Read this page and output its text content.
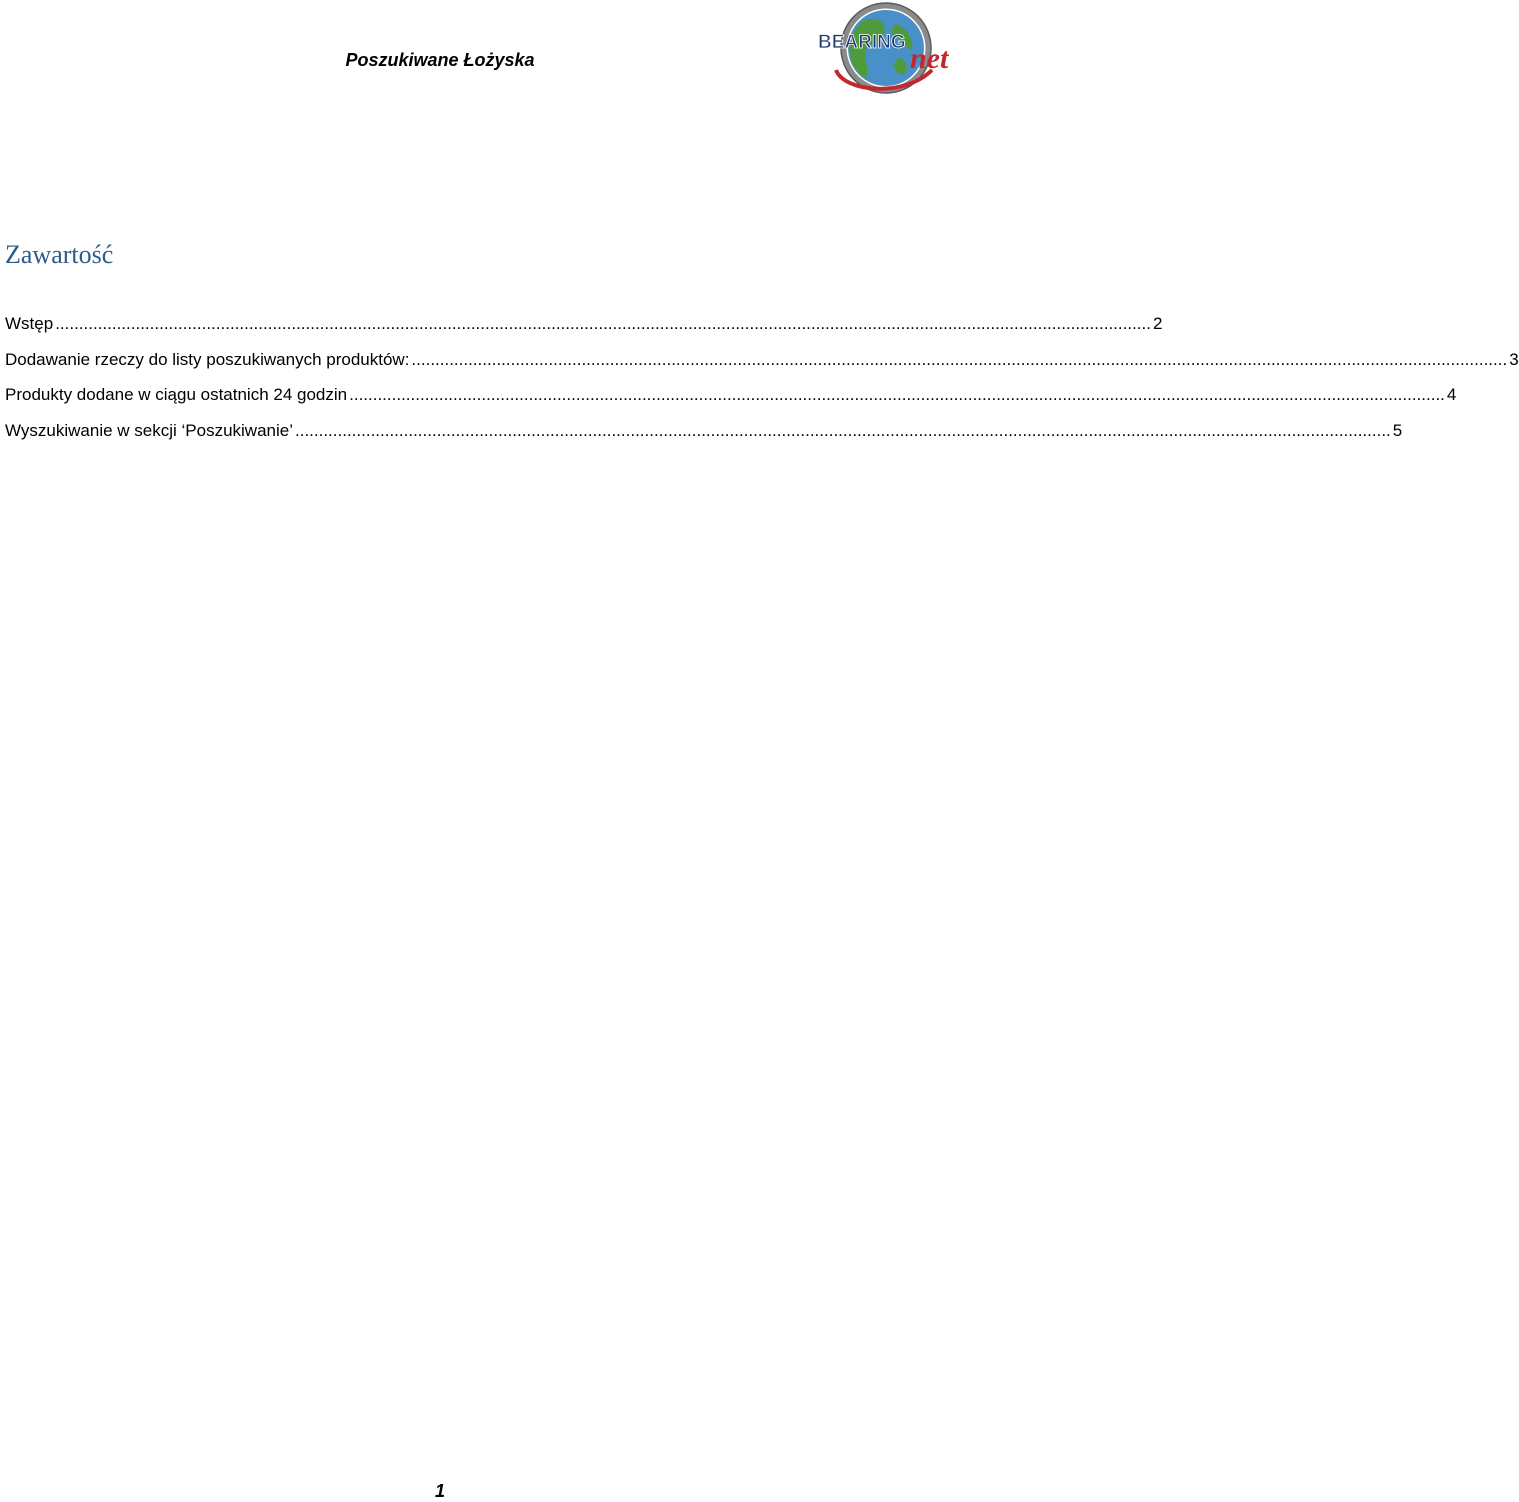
Poszukiwane Łożyska
BEARING net
Zawartość
Wstęp ........................................................................................................................................................................................................................................ 2
Dodawanie rzeczy do listy poszukiwanych produktów: ........................................................................................................................................................................................................................................ 3
Produkty dodane w ciągu ostatnich 24 godzin ........................................................................................................................................................................................................................................ 4
Wyszukiwanie w sekcji ‘Poszukiwanie’ ........................................................................................................................................................................................................................................ 5
1
